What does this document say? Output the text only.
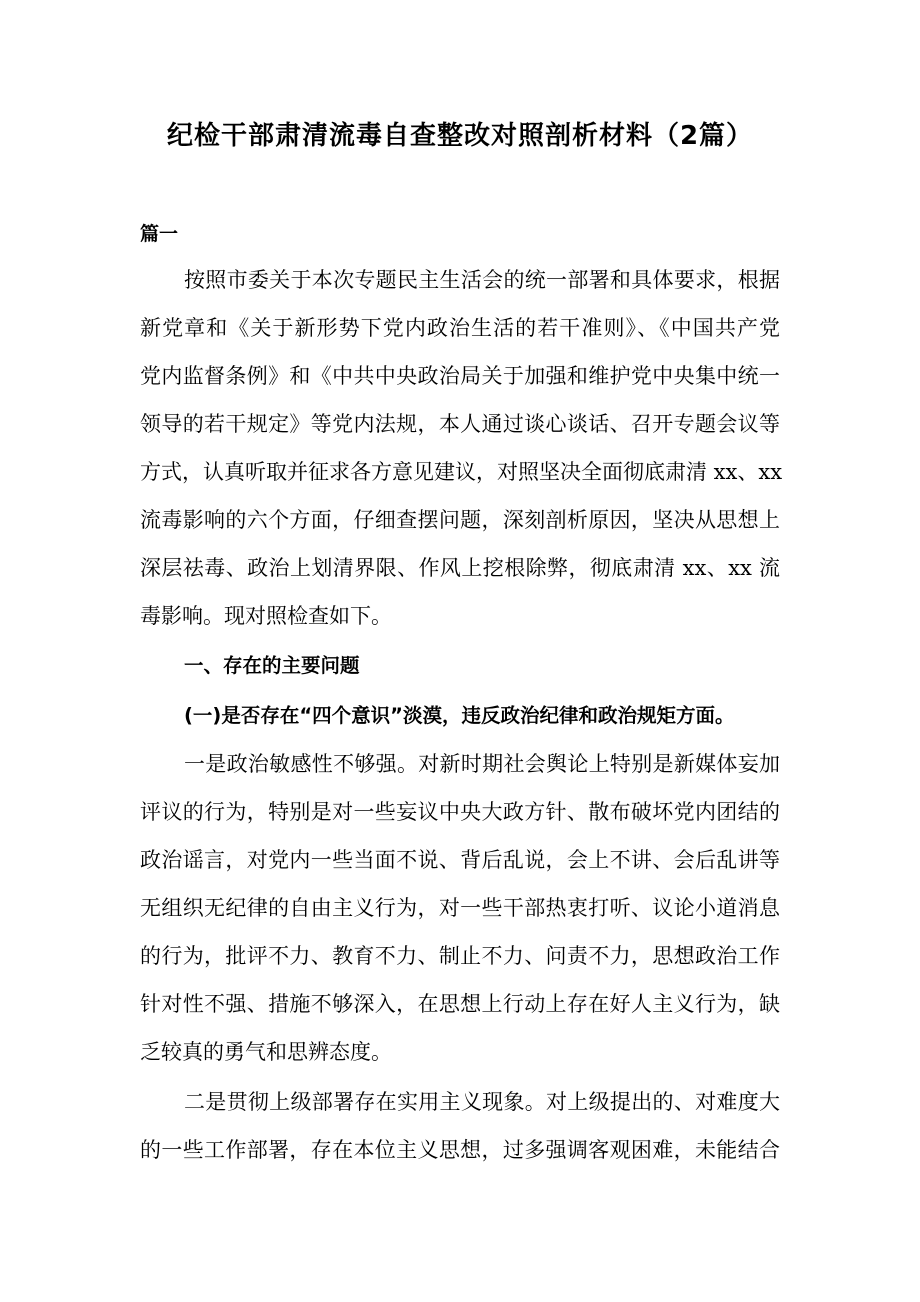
纪检干部肃清流毒自查整改对照剖析材料（2篇）
篇一
按照市委关于本次专题民主生活会的统一部署和具体要求，根据
新党章和《关于新形势下党内政治生活的若干准则》、《中国共产党
党内监督条例》和《中共中央政治局关于加强和维护党中央集中统一
领导的若干规定》等党内法规，本人通过谈心谈话、召开专题会议等
方式，认真听取并征求各方意见建议，对照坚决全面彻底肃清 xx、xx
流毒影响的六个方面，仔细查摆问题，深刻剖析原因，坚决从思想上
深层祛毒、政治上划清界限、作风上挖根除弊，彻底肃清 xx、xx 流
毒影响。现对照检查如下。
一、存在的主要问题
(一)是否存在“四个意识”淡漠，违反政治纪律和政治规矩方面。
一是政治敏感性不够强。对新时期社会舆论上特别是新媒体妄加
评议的行为，特别是对一些妄议中央大政方针、散布破坏党内团结的
政治谣言，对党内一些当面不说、背后乱说，会上不讲、会后乱讲等
无组织无纪律的自由主义行为，对一些干部热衷打听、议论小道消息
的行为，批评不力、教育不力、制止不力、问责不力，思想政治工作
针对性不强、措施不够深入，在思想上行动上存在好人主义行为，缺
乏较真的勇气和思辨态度。
二是贯彻上级部署存在实用主义现象。对上级提出的、对难度大
的一些工作部署，存在本位主义思想，过多强调客观困难，未能结合
